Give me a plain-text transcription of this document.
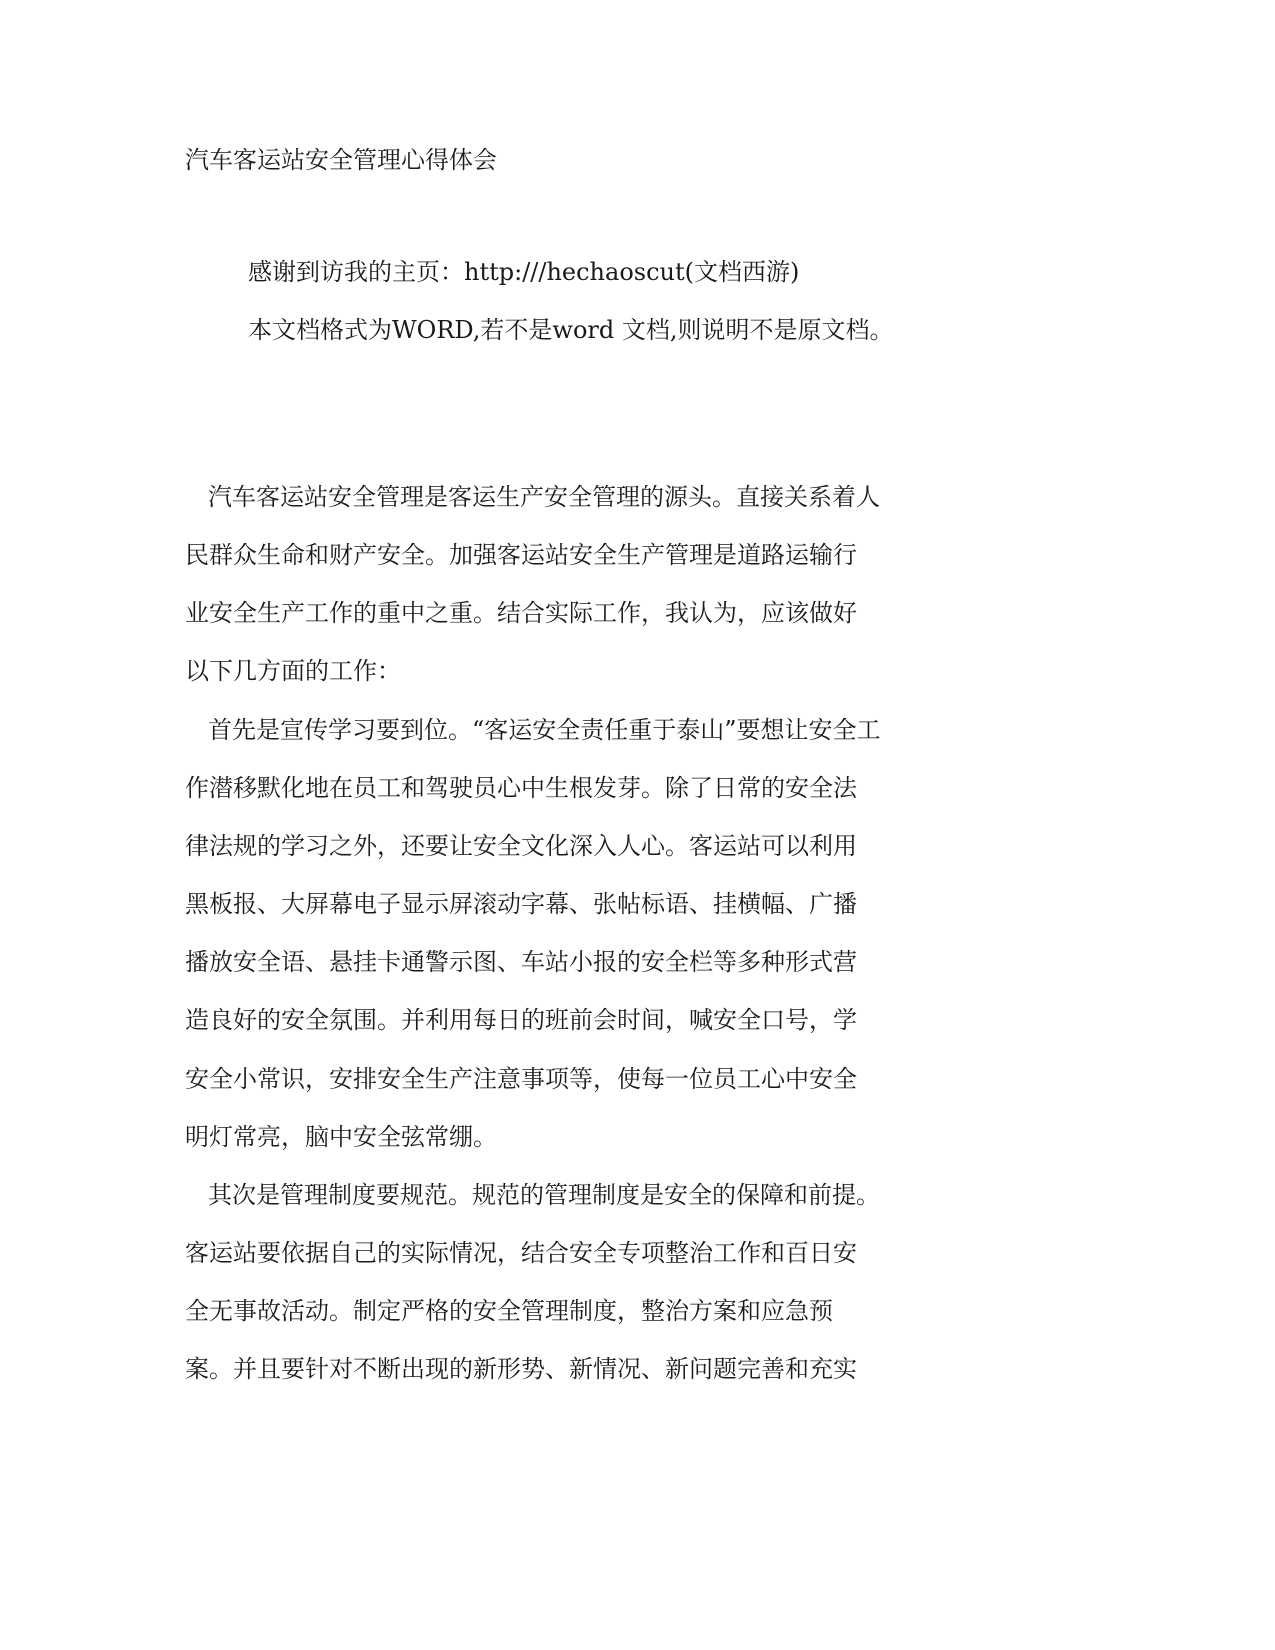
汽车客运站安全管理心得体会
感谢到访我的主页：http:///hechaoscut(文档西游)
本文档格式为WORD,若不是word 文档,则说明不是原文档。
汽车客运站安全管理是客运生产安全管理的源头。直接关系着人
民群众生命和财产安全。加强客运站安全生产管理是道路运输行
业安全生产工作的重中之重。结合实际工作，我认为，应该做好
以下几方面的工作：
首先是宣传学习要到位。“客运安全责任重于泰山”要想让安全工
作潜移默化地在员工和驾驶员心中生根发芽。除了日常的安全法
律法规的学习之外，还要让安全文化深入人心。客运站可以利用
黑板报、大屏幕电子显示屏滚动字幕、张帖标语、挂横幅、广播
播放安全语、悬挂卡通警示图、车站小报的安全栏等多种形式营
造良好的安全氛围。并利用每日的班前会时间，喊安全口号，学
安全小常识，安排安全生产注意事项等，使每一位员工心中安全
明灯常亮，脑中安全弦常绷。
其次是管理制度要规范。规范的管理制度是安全的保障和前提。
客运站要依据自己的实际情况，结合安全专项整治工作和百日安
全无事故活动。制定严格的安全管理制度，整治方案和应急预
案。并且要针对不断出现的新形势、新情况、新问题完善和充实
